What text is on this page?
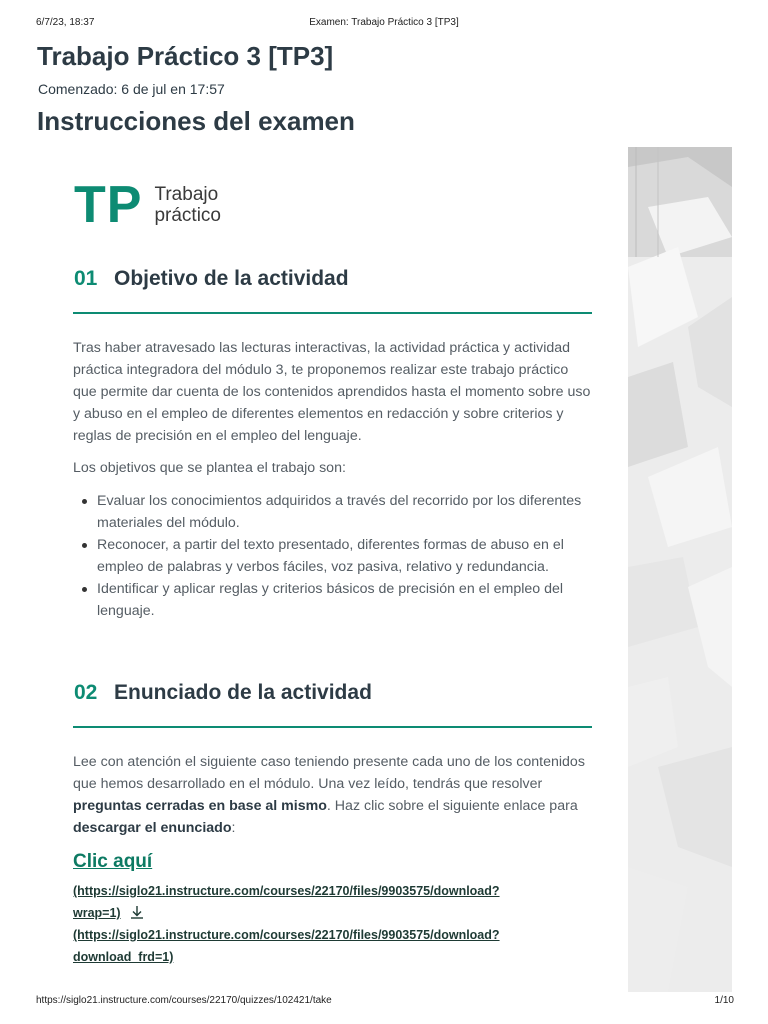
6/7/23, 18:37	Examen: Trabajo Práctico 3 [TP3]
Trabajo Práctico 3 [TP3]
Comenzado: 6 de jul en 17:57
Instrucciones del examen
TP Trabajo
práctico
01 Objetivo de la actividad

Tras haber atravesado las lecturas interactivas, la actividad práctica y actividad práctica integradora del módulo 3, te proponemos realizar este trabajo práctico que permite dar cuenta de los contenidos aprendidos hasta el momento sobre uso y abuso en el empleo de diferentes elementos en redacción y sobre criterios y reglas de precisión en el empleo del lenguaje.

Los objetivos que se plantea el trabajo son:

Evaluar los conocimientos adquiridos a través del recorrido por los diferentes materiales del módulo.
Reconocer, a partir del texto presentado, diferentes formas de abuso en el empleo de palabras y verbos fáciles, voz pasiva, relativo y redundancia.
Identificar y aplicar reglas y criterios básicos de precisión en el empleo del lenguaje.
02 Enunciado de la actividad

Lee con atención el siguiente caso teniendo presente cada uno de los contenidos que hemos desarrollado en el módulo. Una vez leído, tendrás que resolver preguntas cerradas en base al mismo. Haz clic sobre el siguiente enlace para descargar el enunciado:

Clic aquí
(https://siglo21.instructure.com/courses/22170/files/9903575/download?
wrap=1)
(https://siglo21.instructure.com/courses/22170/files/9903575/download?
download_frd=1)
https://siglo21.instructure.com/courses/22170/quizzes/102421/take	1/10
